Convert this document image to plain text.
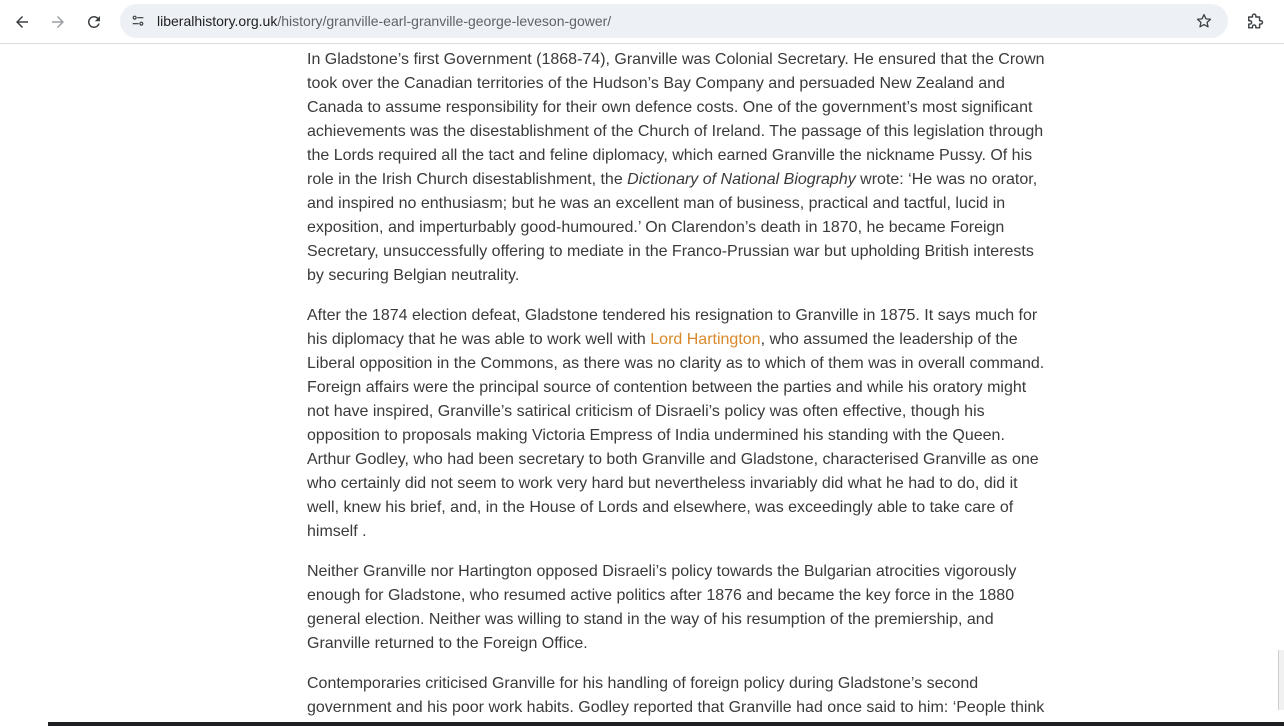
liberalhistory.org.uk/history/granville-earl-granville-george-leveson-gower/

In Gladstone’s first Government (1868-74), Granville was Colonial Secretary. He ensured that the Crown took over the Canadian territories of the Hudson’s Bay Company and persuaded New Zealand and Canada to assume responsibility for their own defence costs. One of the government’s most significant achievements was the disestablishment of the Church of Ireland. The passage of this legislation through the Lords required all the tact and feline diplomacy, which earned Granville the nickname Pussy. Of his role in the Irish Church disestablishment, the Dictionary of National Biography wrote: ‘He was no orator, and inspired no enthusiasm; but he was an excellent man of business, practical and tactful, lucid in exposition, and imperturbably good-humoured.’ On Clarendon’s death in 1870, he became Foreign Secretary, unsuccessfully offering to mediate in the Franco-Prussian war but upholding British interests by securing Belgian neutrality.

After the 1874 election defeat, Gladstone tendered his resignation to Granville in 1875. It says much for his diplomacy that he was able to work well with Lord Hartington, who assumed the leadership of the Liberal opposition in the Commons, as there was no clarity as to which of them was in overall command. Foreign affairs were the principal source of contention between the parties and while his oratory might not have inspired, Granville’s satirical criticism of Disraeli’s policy was often effective, though his opposition to proposals making Victoria Empress of India undermined his standing with the Queen. Arthur Godley, who had been secretary to both Granville and Gladstone, characterised Granville as one who certainly did not seem to work very hard but nevertheless invariably did what he had to do, did it well, knew his brief, and, in the House of Lords and elsewhere, was exceedingly able to take care of himself .

Neither Granville nor Hartington opposed Disraeli’s policy towards the Bulgarian atrocities vigorously enough for Gladstone, who resumed active politics after 1876 and became the key force in the 1880 general election. Neither was willing to stand in the way of his resumption of the premiership, and Granville returned to the Foreign Office.

Contemporaries criticised Granville for his handling of foreign policy during Gladstone’s second government and his poor work habits. Godley reported that Granville had once said to him: ‘People think
